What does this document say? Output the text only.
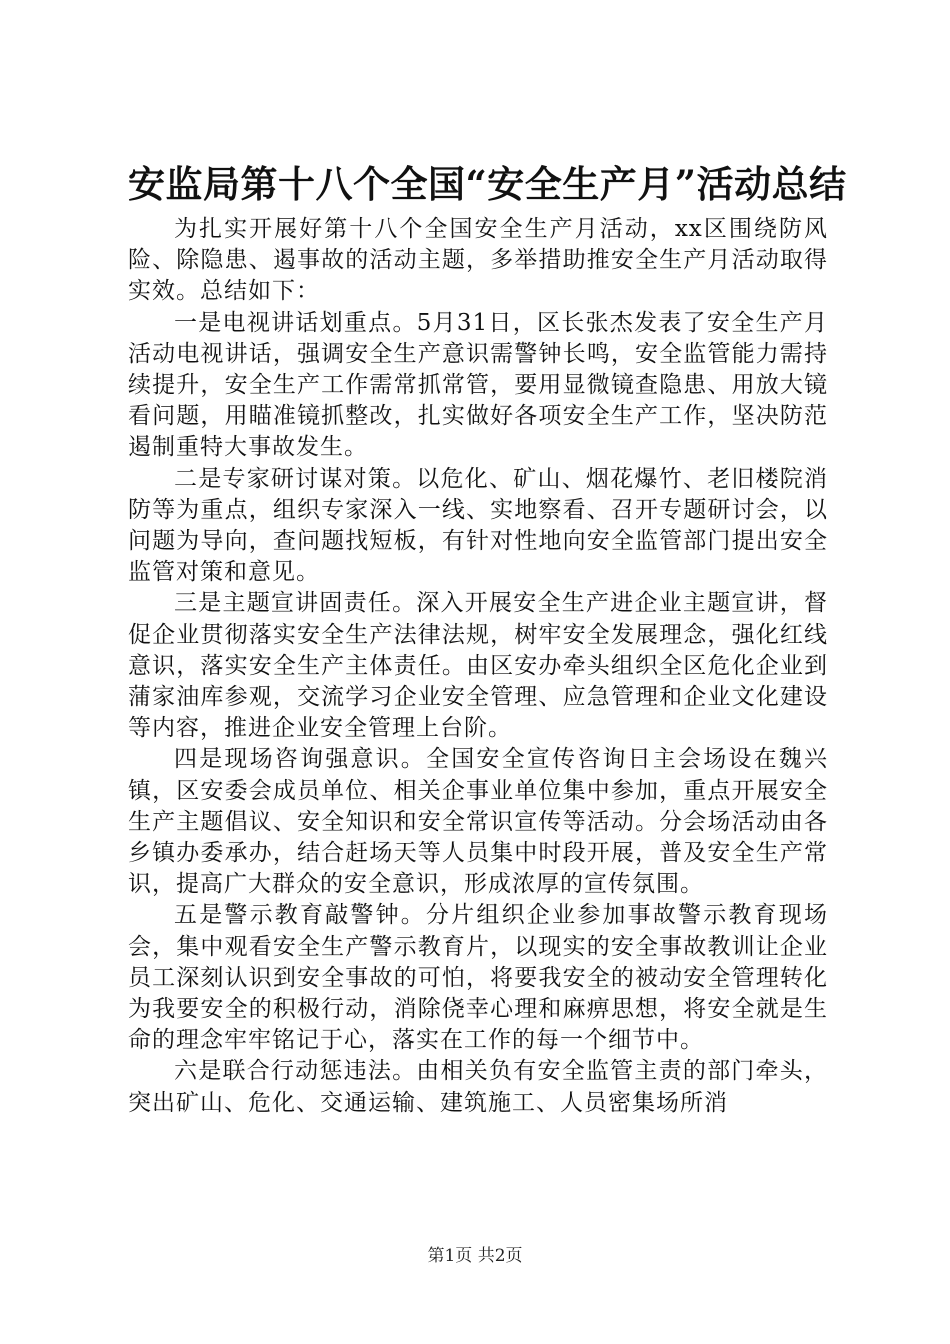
安监局第十八个全国“安全生产月”活动总结

为扎实开展好第十八个全国安全生产月活动，xx区围绕防风险、除隐患、遏事故的活动主题，多举措助推安全生产月活动取得实效。总结如下：

一是电视讲话划重点。5月31日，区长张杰发表了安全生产月活动电视讲话，强调安全生产意识需警钟长鸣，安全监管能力需持续提升，安全生产工作需常抓常管，要用显微镜查隐患、用放大镜看问题，用瞄准镜抓整改，扎实做好各项安全生产工作，坚决防范遏制重特大事故发生。

二是专家研讨谋对策。以危化、矿山、烟花爆竹、老旧楼院消防等为重点，组织专家深入一线、实地察看、召开专题研讨会，以问题为导向，查问题找短板，有针对性地向安全监管部门提出安全监管对策和意见。

三是主题宣讲固责任。深入开展安全生产进企业主题宣讲，督促企业贯彻落实安全生产法律法规，树牢安全发展理念，强化红线意识，落实安全生产主体责任。由区安办牵头组织全区危化企业到蒲家油库参观，交流学习企业安全管理、应急管理和企业文化建设等内容，推进企业安全管理上台阶。

四是现场咨询强意识。全国安全宣传咨询日主会场设在魏兴镇，区安委会成员单位、相关企事业单位集中参加，重点开展安全生产主题倡议、安全知识和安全常识宣传等活动。分会场活动由各乡镇办委承办，结合赶场天等人员集中时段开展，普及安全生产常识，提高广大群众的安全意识，形成浓厚的宣传氛围。

五是警示教育敲警钟。分片组织企业参加事故警示教育现场会，集中观看安全生产警示教育片，以现实的安全事故教训让企业员工深刻认识到安全事故的可怕，将要我安全的被动安全管理转化为我要安全的积极行动，消除侥幸心理和麻痹思想，将安全就是生命的理念牢牢铭记于心，落实在工作的每一个细节中。

六是联合行动惩违法。由相关负有安全监管主责的部门牵头，突出矿山、危化、交通运输、建筑施工、人员密集场所消

第1页 共2页
